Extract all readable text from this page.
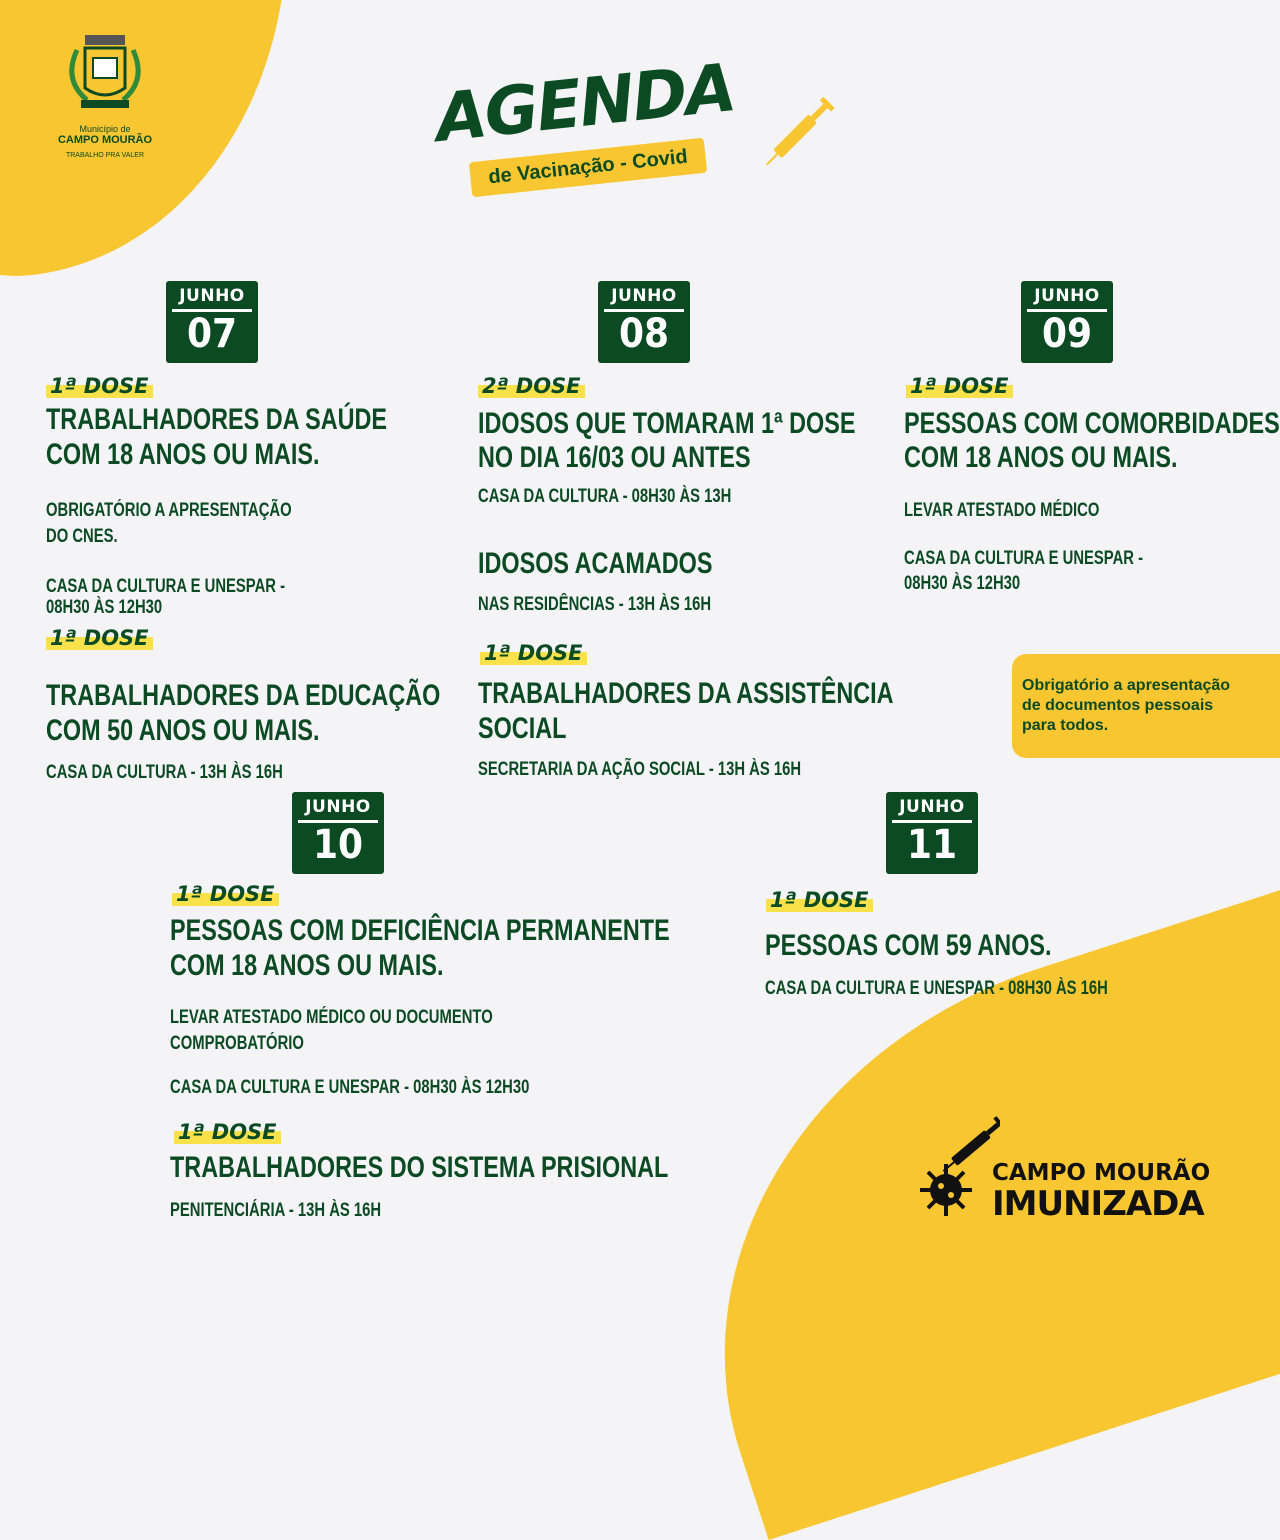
Município de
CAMPO MOURÃO
TRABALHO PRA VALER	AGENDA
de Vacinação - Covid
JUNHO
07
JUNHO
08
JUNHO
09
JUNHO
10
JUNHO
11
1ª DOSE
TRABALHADORES DA SAÚDE
COM 18 ANOS OU MAIS.
OBRIGATÓRIO A APRESENTAÇÃO
DO CNES.
CASA DA CULTURA E UNESPAR -
08H30 ÀS 12H30
1ª DOSE
TRABALHADORES DA EDUCAÇÃO
COM 50 ANOS OU MAIS.
CASA DA CULTURA - 13H ÀS 16H
2ª DOSE
IDOSOS QUE TOMARAM 1ª DOSE
NO DIA 16/03 OU ANTES
CASA DA CULTURA - 08H30 ÀS 13H
IDOSOS ACAMADOS
NAS RESIDÊNCIAS - 13H ÀS 16H
1ª DOSE
TRABALHADORES DA ASSISTÊNCIA
SOCIAL
SECRETARIA DA AÇÃO SOCIAL - 13H ÀS 16H
1ª DOSE
PESSOAS COM COMORBIDADES
COM 18 ANOS OU MAIS.
LEVAR ATESTADO MÉDICO
CASA DA CULTURA E UNESPAR -
08H30 ÀS 12H30
Obrigatório a apresentação
de documentos pessoais
para todos.
1ª DOSE
PESSOAS COM DEFICIÊNCIA PERMANENTE
COM 18 ANOS OU MAIS.
LEVAR ATESTADO MÉDICO OU DOCUMENTO
COMPROBATÓRIO
CASA DA CULTURA E UNESPAR - 08H30 ÀS 12H30
1ª DOSE
TRABALHADORES DO SISTEMA PRISIONAL
PENITENCIÁRIA - 13H ÀS 16H
1ª DOSE
PESSOAS COM 59 ANOS.
CASA DA CULTURA E UNESPAR - 08H30 ÀS 16H
CAMPO MOURÃO
IMUNIZADA
